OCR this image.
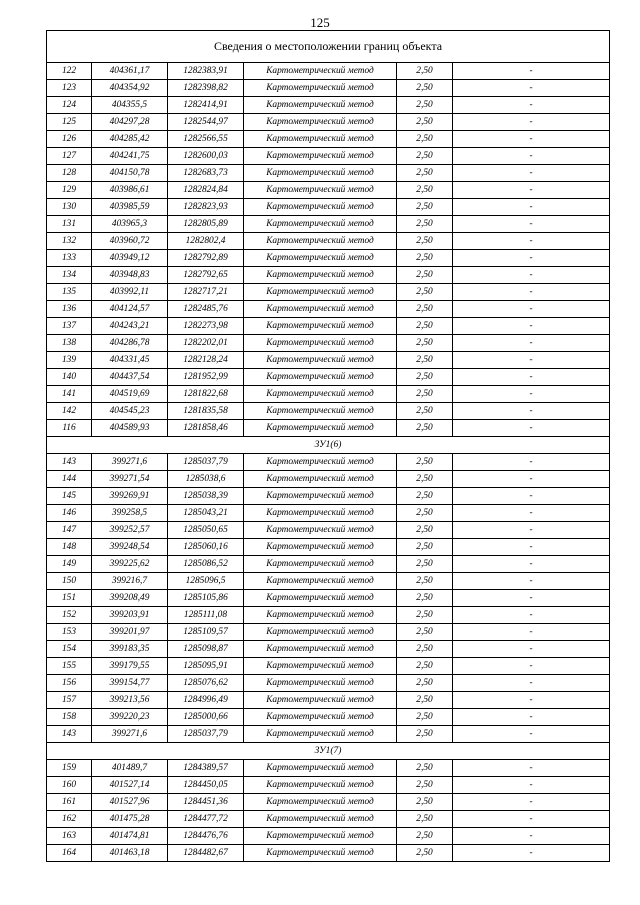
125
Сведения о местоположении границ объекта					
122	404361,17	1282383,91	Картометрический метод	2,50	-
123	404354,92	1282398,82	Картометрический метод	2,50	-
124	404355,5	1282414,91	Картометрический метод	2,50	-
125	404297,28	1282544,97	Картометрический метод	2,50	-
126	404285,42	1282566,55	Картометрический метод	2,50	-
127	404241,75	1282600,03	Картометрический метод	2,50	-
128	404150,78	1282683,73	Картометрический метод	2,50	-
129	403986,61	1282824,84	Картометрический метод	2,50	-
130	403985,59	1282823,93	Картометрический метод	2,50	-
131	403965,3	1282805,89	Картометрический метод	2,50	-
132	403960,72	1282802,4	Картометрический метод	2,50	-
133	403949,12	1282792,89	Картометрический метод	2,50	-
134	403948,83	1282792,65	Картометрический метод	2,50	-
135	403992,11	1282717,21	Картометрический метод	2,50	-
136	404124,57	1282485,76	Картометрический метод	2,50	-
137	404243,21	1282273,98	Картометрический метод	2,50	-
138	404286,78	1282202,01	Картометрический метод	2,50	-
139	404331,45	1282128,24	Картометрический метод	2,50	-
140	404437,54	1281952,99	Картометрический метод	2,50	-
141	404519,69	1281822,68	Картометрический метод	2,50	-
142	404545,23	1281835,58	Картометрический метод	2,50	-
116	404589,93	1281858,46	Картометрический метод	2,50	-
ЗУ1(6)					
143	399271,6	1285037,79	Картометрический метод	2,50	-
144	399271,54	1285038,6	Картометрический метод	2,50	-
145	399269,91	1285038,39	Картометрический метод	2,50	-
146	399258,5	1285043,21	Картометрический метод	2,50	-
147	399252,57	1285050,65	Картометрический метод	2,50	-
148	399248,54	1285060,16	Картометрический метод	2,50	-
149	399225,62	1285086,52	Картометрический метод	2,50	-
150	399216,7	1285096,5	Картометрический метод	2,50	-
151	399208,49	1285105,86	Картометрический метод	2,50	-
152	399203,91	1285111,08	Картометрический метод	2,50	-
153	399201,97	1285109,57	Картометрический метод	2,50	-
154	399183,35	1285098,87	Картометрический метод	2,50	-
155	399179,55	1285095,91	Картометрический метод	2,50	-
156	399154,77	1285076,62	Картометрический метод	2,50	-
157	399213,56	1284996,49	Картометрический метод	2,50	-
158	399220,23	1285000,66	Картометрический метод	2,50	-
143	399271,6	1285037,79	Картометрический метод	2,50	-
ЗУ1(7)					
159	401489,7	1284389,57	Картометрический метод	2,50	-
160	401527,14	1284450,05	Картометрический метод	2,50	-
161	401527,96	1284451,36	Картометрический метод	2,50	-
162	401475,28	1284477,72	Картометрический метод	2,50	-
163	401474,81	1284476,76	Картометрический метод	2,50	-
164	401463,18	1284482,67	Картометрический метод	2,50	-
